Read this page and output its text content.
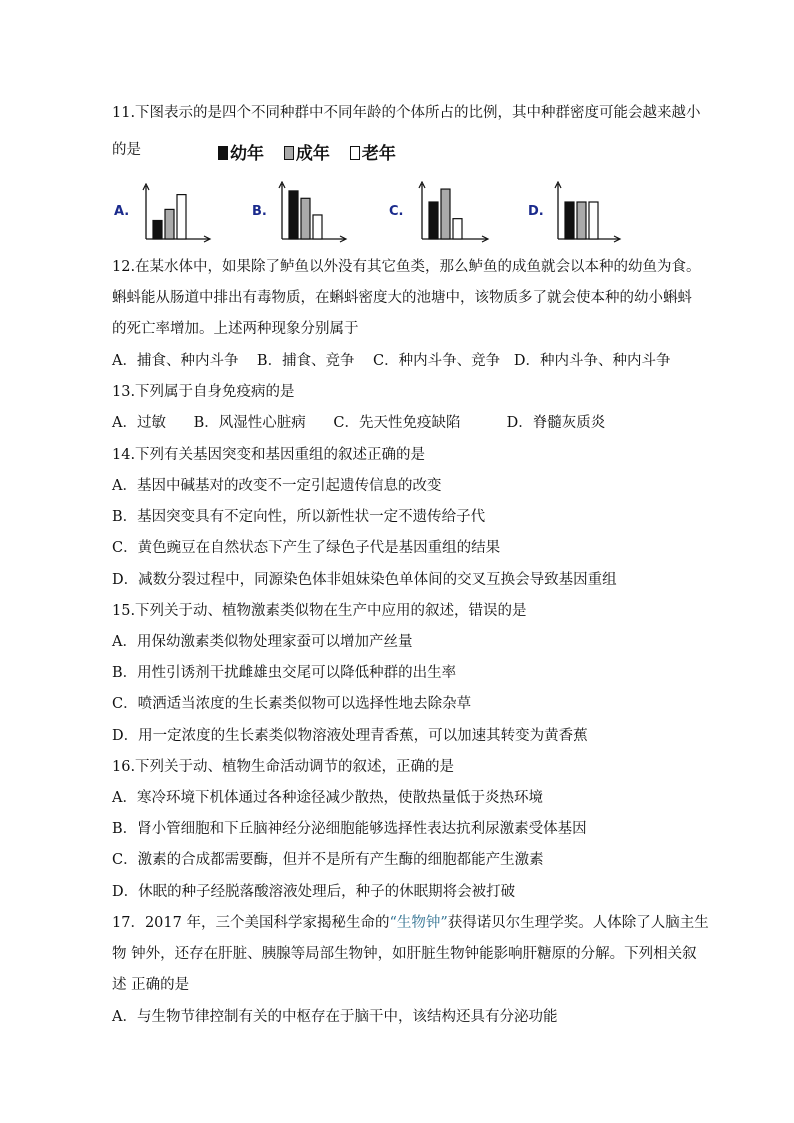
11.下图表示的是四个不同种群中不同年龄的个体所占的比例，其中种群密度可能会越来越小
的是	幼年 成年 老年
A.	B.	C.	D.
12.在某水体中，如果除了鲈鱼以外没有其它鱼类，那么鲈鱼的成鱼就会以本种的幼鱼为食。
蝌蚪能从肠道中排出有毒物质，在蝌蚪密度大的池塘中，该物质多了就会使本种的幼小蝌蚪
的死亡率增加。上述两种现象分别属于
A．捕食、种内斗争    B．捕食、竞争    C．种内斗争、竞争   D．种内斗争、种内斗争
13.下列属于自身免疫病的是
A．过敏      B．风湿性心脏病      C．先天性免疫缺陷          D．脊髓灰质炎
14.下列有关基因突变和基因重组的叙述正确的是
A．基因中碱基对的改变不一定引起遗传信息的改变
B．基因突变具有不定向性，所以新性状一定不遗传给子代
C．黄色豌豆在自然状态下产生了绿色子代是基因重组的结果
D．减数分裂过程中，同源染色体非姐妹染色单体间的交叉互换会导致基因重组
15.下列关于动、植物激素类似物在生产中应用的叙述，错误的是
A．用保幼激素类似物处理家蚕可以增加产丝量
B．用性引诱剂干扰雌雄虫交尾可以降低种群的出生率
C．喷洒适当浓度的生长素类似物可以选择性地去除杂草
D．用一定浓度的生长素类似物溶液处理青香蕉，可以加速其转变为黄香蕉
16.下列关于动、植物生命活动调节的叙述，正确的是
A．寒冷环境下机体通过各种途径减少散热，使散热量低于炎热环境
B．肾小管细胞和下丘脑神经分泌细胞能够选择性表达抗利尿激素受体基因
C．激素的合成都需要酶，但并不是所有产生酶的细胞都能产生激素
D．休眠的种子经脱落酸溶液处理后，种子的休眠期将会被打破
17．2017 年，三个美国科学家揭秘生命的“生物钟”获得诺贝尔生理学奖。人体除了人脑主生
物 钟外，还存在肝脏、胰腺等局部生物钟，如肝脏生物钟能影响肝糖原的分解。下列相关叙
述 正确的是
A．与生物节律控制有关的中枢存在于脑干中，该结构还具有分泌功能
